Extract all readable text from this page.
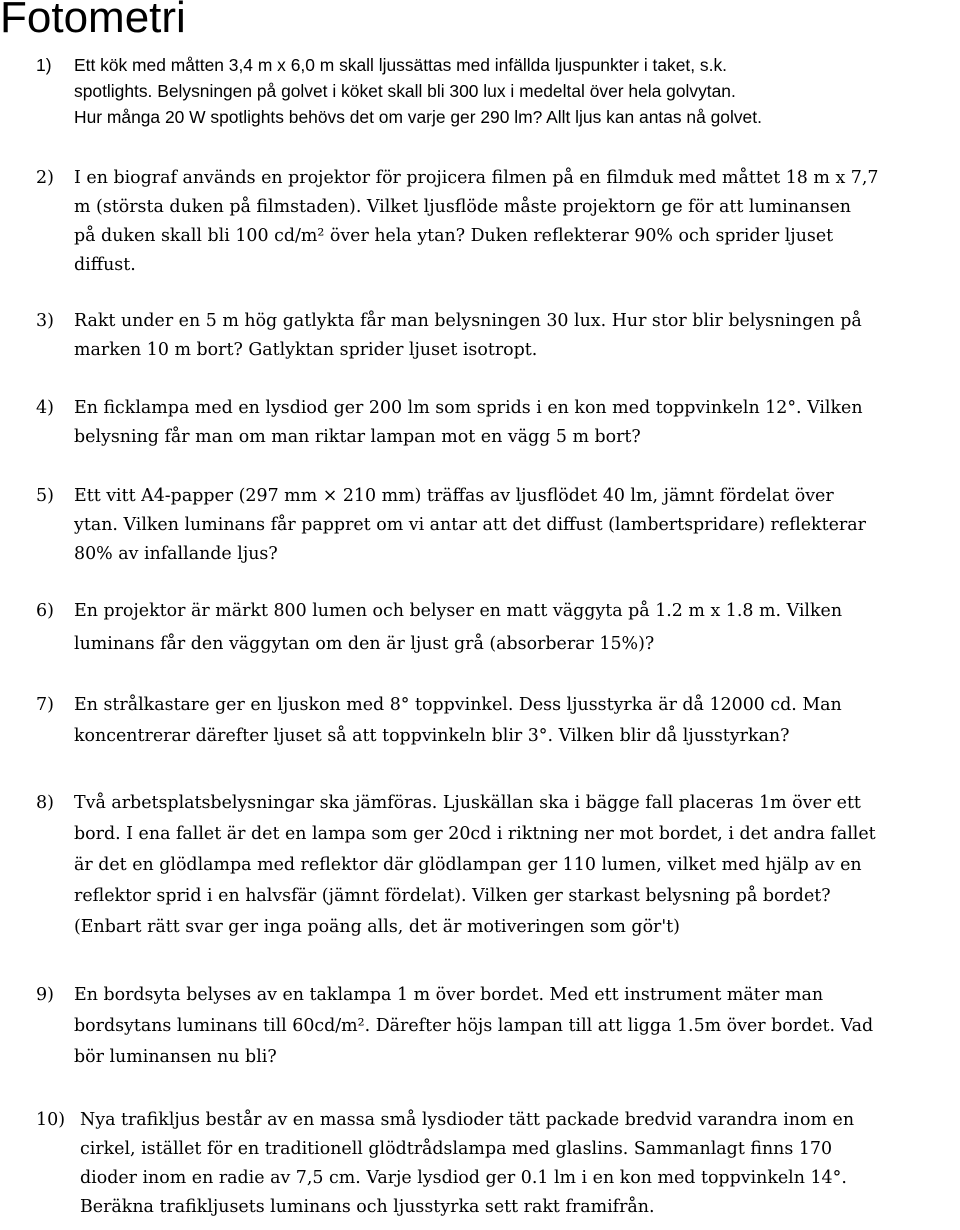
Fotometri
1) Ett kök med måtten 3,4 m x 6,0 m skall ljussättas med infällda ljuspunkter i taket, s.k.
spotlights. Belysningen på golvet i köket skall bli 300 lux i medeltal över hela golvytan.
Hur många 20 W spotlights behövs det om varje ger 290 lm? Allt ljus kan antas nå golvet.
2) I en biograf används en projektor för projicera filmen på en filmduk med måttet 18 m x 7,7
m (största duken på filmstaden). Vilket ljusflöde måste projektorn ge för att luminansen
på duken skall bli 100 cd/m² över hela ytan? Duken reflekterar 90% och sprider ljuset
diffust.
3) Rakt under en 5 m hög gatlykta får man belysningen 30 lux. Hur stor blir belysningen på
marken 10 m bort? Gatlyktan sprider ljuset isotropt.
4) En ficklampa med en lysdiod ger 200 lm som sprids i en kon med toppvinkeln 12°. Vilken
belysning får man om man riktar lampan mot en vägg 5 m bort?
5) Ett vitt A4-papper (297 mm × 210 mm) träffas av ljusflödet 40 lm, jämnt fördelat över
ytan. Vilken luminans får pappret om vi antar att det diffust (lambertspridare) reflekterar
80% av infallande ljus?
6) En projektor är märkt 800 lumen och belyser en matt väggyta på 1.2 m x 1.8 m. Vilken
luminans får den väggytan om den är ljust grå (absorberar 15%)?
7) En strålkastare ger en ljuskon med 8° toppvinkel. Dess ljusstyrka är då 12000 cd. Man
koncentrerar därefter ljuset så att toppvinkeln blir 3°. Vilken blir då ljusstyrkan?
8) Två arbetsplatsbelysningar ska jämföras. Ljuskällan ska i bägge fall placeras 1m över ett
bord. I ena fallet är det en lampa som ger 20cd i riktning ner mot bordet, i det andra fallet
är det en glödlampa med reflektor där glödlampan ger 110 lumen, vilket med hjälp av en
reflektor sprid i en halvsfär (jämnt fördelat). Vilken ger starkast belysning på bordet?
(Enbart rätt svar ger inga poäng alls, det är motiveringen som gör't)
9) En bordsyta belyses av en taklampa 1 m över bordet. Med ett instrument mäter man
bordsytans luminans till 60cd/m². Därefter höjs lampan till att ligga 1.5m över bordet. Vad
bör luminansen nu bli?
10) Nya trafikljus består av en massa små lysdioder tätt packade bredvid varandra inom en
cirkel, istället för en traditionell glödtrådslampa med glaslins. Sammanlagt finns 170
dioder inom en radie av 7,5 cm. Varje lysdiod ger 0.1 lm i en kon med toppvinkeln 14°.
Beräkna trafikljusets luminans och ljusstyrka sett rakt framifrån.
